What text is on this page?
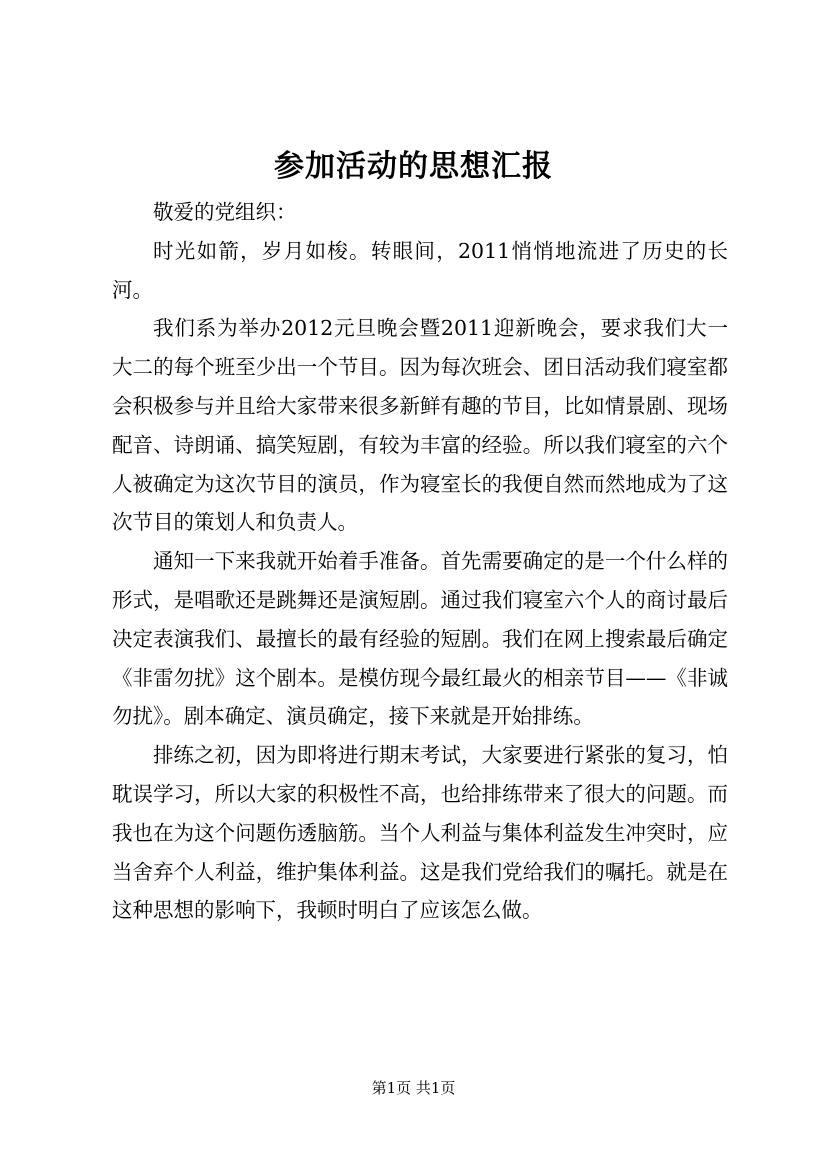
参加活动的思想汇报

敬爱的党组织：

时光如箭，岁月如梭。转眼间，2011悄悄地流进了历史的长河。

我们系为举办2012元旦晚会暨2011迎新晚会，要求我们大一大二的每个班至少出一个节目。因为每次班会、团日活动我们寝室都会积极参与并且给大家带来很多新鲜有趣的节目，比如情景剧、现场配音、诗朗诵、搞笑短剧，有较为丰富的经验。所以我们寝室的六个人被确定为这次节目的演员，作为寝室长的我便自然而然地成为了这次节目的策划人和负责人。

通知一下来我就开始着手准备。首先需要确定的是一个什么样的形式，是唱歌还是跳舞还是演短剧。通过我们寝室六个人的商讨最后决定表演我们、最擅长的最有经验的短剧。我们在网上搜索最后确定《非雷勿扰》这个剧本。是模仿现今最红最火的相亲节目——《非诚勿扰》。剧本确定、演员确定，接下来就是开始排练。

排练之初，因为即将进行期末考试，大家要进行紧张的复习，怕耽误学习，所以大家的积极性不高，也给排练带来了很大的问题。而我也在为这个问题伤透脑筋。当个人利益与集体利益发生冲突时，应当舍弃个人利益，维护集体利益。这是我们党给我们的嘱托。就是在这种思想的影响下，我顿时明白了应该怎么做。

第1页 共1页
